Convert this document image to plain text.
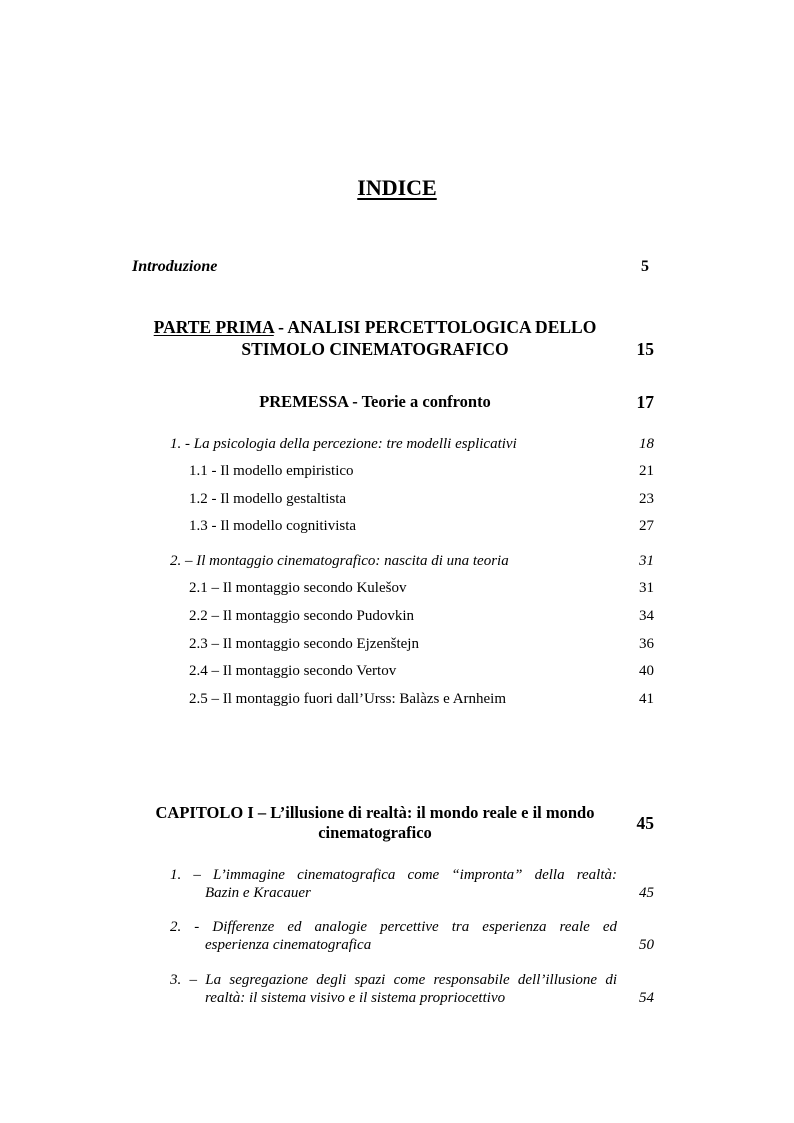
INDICE
Introduzione	5
PARTE PRIMA - ANALISI PERCETTOLOGICA DELLO
STIMOLO CINEMATOGRAFICO	15
PREMESSA - Teorie a confronto	17
1. - La psicologia della percezione: tre modelli esplicativi	18
1.1 - Il modello empiristico	21
1.2 - Il modello gestaltista	23
1.3 - Il modello cognitivista	27
2. – Il montaggio cinematografico: nascita di una teoria	31
2.1 – Il montaggio secondo Kulešov	31
2.2 – Il montaggio secondo Pudovkin	34
2.3 – Il montaggio secondo Ejzenštejn	36
2.4 – Il montaggio secondo Vertov	40
2.5 – Il montaggio fuori dall’Urss: Balàzs e Arnheim	41
CAPITOLO I – L’illusione di realtà: il mondo reale e il mondo
cinematografico	45
1. – L’immagine cinematografica come “impronta” della realtà:
Bazin e Kracauer	45
2. - Differenze ed analogie percettive tra esperienza reale ed
esperienza cinematografica	50
3. – La segregazione degli spazi come responsabile dell’illusione di
realtà: il sistema visivo e il sistema propriocettivo	54
